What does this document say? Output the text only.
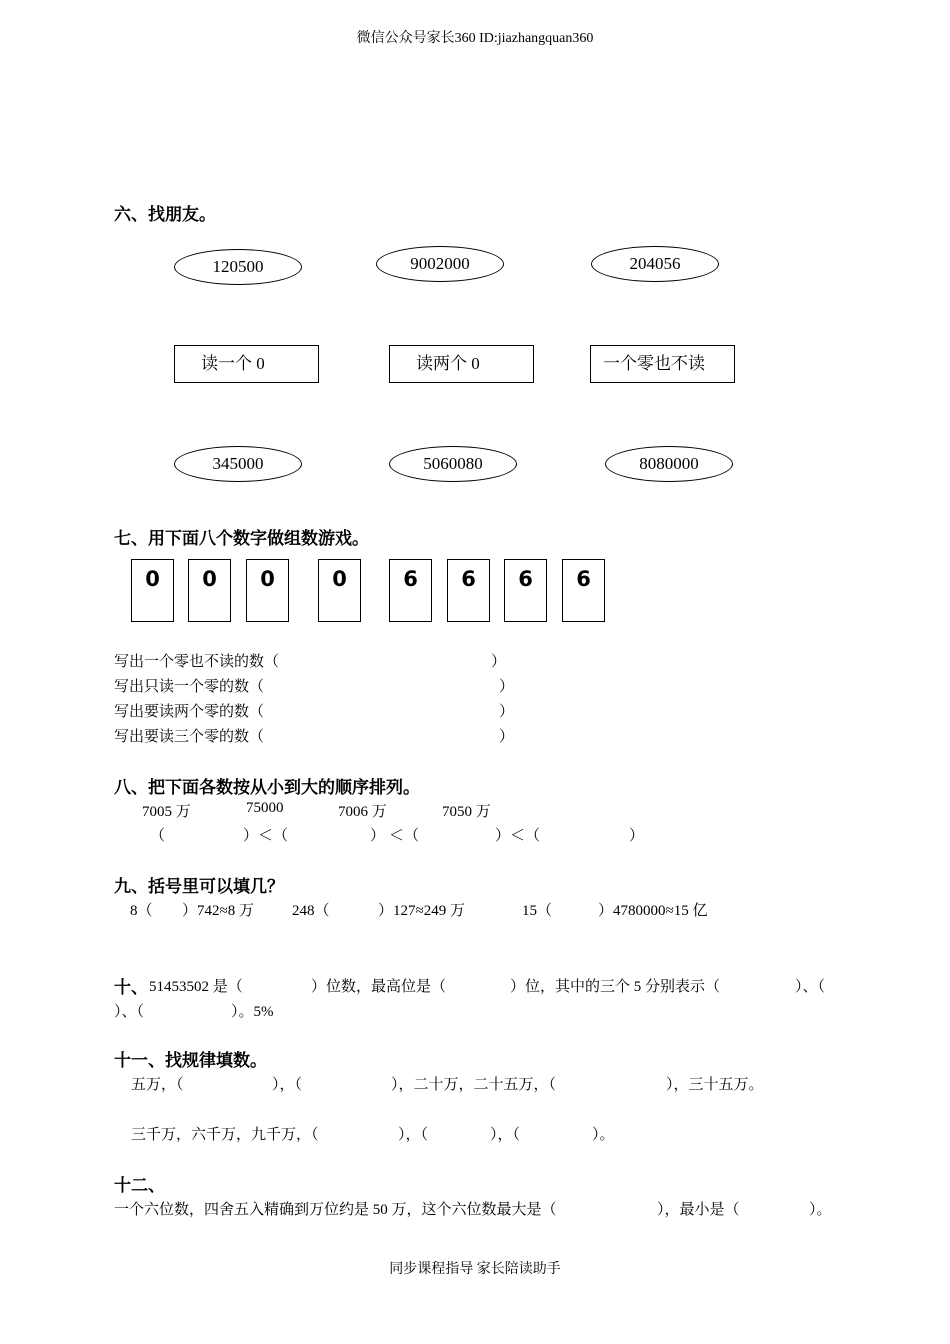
微信公众号家长360 ID:jiazhangquan360
六、找朋友。
120500	9002000	204056
读一个 0	读两个 0	一个零也不读
345000	5060080	8080000
七、用下面八个数字做组数游戏。
0	0	0	0	6	6	6	6
写出一个零也不读的数（	）
写出只读一个零的数（	）
写出要读两个零的数（	）
写出要读三个零的数（	）
八、把下面各数按从小到大的顺序排列。
7005 万	75000	7006 万	7050 万
（	）＜（	） ＜（	）＜（	）
九、括号里可以填几？
8（ ）742≈8 万	248（	）127≈249 万	15（	）4780000≈15 亿
十、 51453502 是（	）位数，最高位是（	）位，其中的三个 5 分别表示（	）、（
）、（	）。5%
十一、找规律填数。
五万，（	），（	），二十万，二十五万，（	），三十五万。
三千万，六千万，九千万，（	），（	），（	）。
十二、
一个六位数，四舍五入精确到万位约是 50 万，这个六位数最大是（	），最小是（	）。
同步课程指导 家长陪读助手
